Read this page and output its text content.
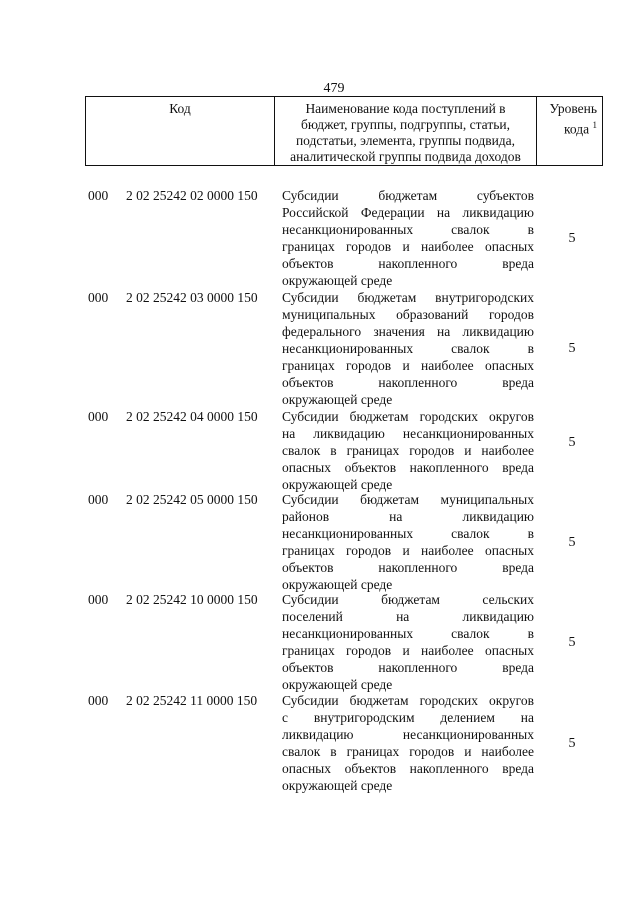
479
Код	Наименование кода поступлений в
бюджет, группы, подгруппы, статьи,
подстатьи, элемента, группы подвида,
аналитической группы подвида доходов
Уровень
кода $^1$
000 2 02 25242 02 0000 150 Субсидии бюджетам субъектов
Российской Федерации на ликвидацию
несанкционированных свалок в
границах городов и наиболее опасных
объектов накопленного вреда
окружающей среде
5
000 2 02 25242 03 0000 150 Субсидии бюджетам внутригородских
муниципальных образований городов
федерального значения на ликвидацию
несанкционированных свалок в
границах городов и наиболее опасных
объектов накопленного вреда
окружающей среде
5
000 2 02 25242 04 0000 150 Субсидии бюджетам городских округов
на ликвидацию несанкционированных
свалок в границах городов и наиболее
опасных объектов накопленного вреда
окружающей среде
5
000 2 02 25242 05 0000 150 Субсидии бюджетам муниципальных
районов на ликвидацию
несанкционированных свалок в
границах городов и наиболее опасных
объектов накопленного вреда
окружающей среде
5
000 2 02 25242 10 0000 150 Субсидии бюджетам сельских
поселений на ликвидацию
несанкционированных свалок в
границах городов и наиболее опасных
объектов накопленного вреда
окружающей среде
5
000 2 02 25242 11 0000 150 Субсидии бюджетам городских округов
с внутригородским делением на
ликвидацию несанкционированных
свалок в границах городов и наиболее
опасных объектов накопленного вреда
окружающей среде
5
